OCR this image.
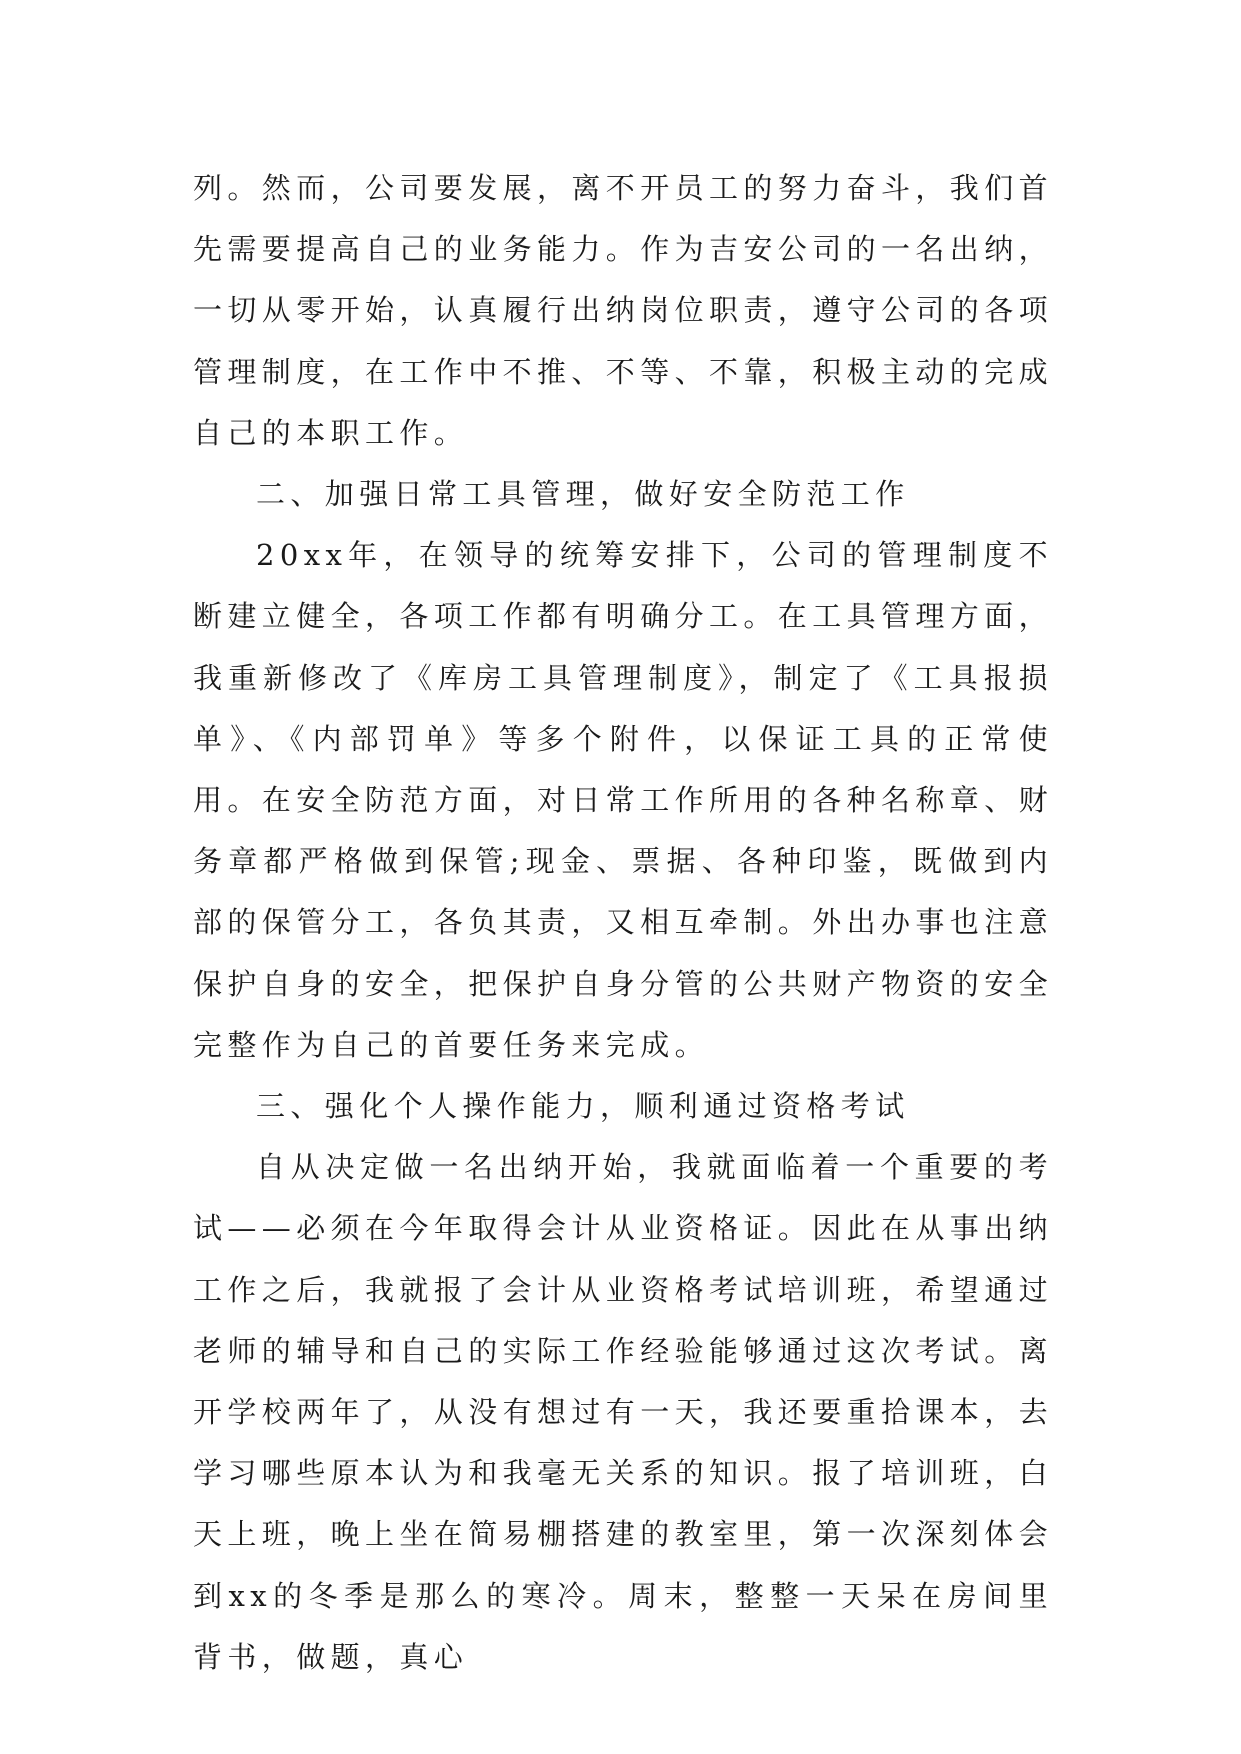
列。然而，公司要发展，离不开员工的努力奋斗，我们首先需要提高自己的业务能力。作为吉安公司的一名出纳，一切从零开始，认真履行出纳岗位职责，遵守公司的各项管理制度，在工作中不推、不等、不靠，积极主动的完成自己的本职工作。

二、加强日常工具管理，做好安全防范工作

20xx年，在领导的统筹安排下，公司的管理制度不断建立健全，各项工作都有明确分工。在工具管理方面，我重新修改了《库房工具管理制度》，制定了《工具报损单》、《内部罚单》等多个附件，以保证工具的正常使用。在安全防范方面，对日常工作所用的各种名称章、财务章都严格做到保管;现金、票据、各种印鉴，既做到内部的保管分工，各负其责，又相互牵制。外出办事也注意保护自身的安全，把保护自身分管的公共财产物资的安全完整作为自己的首要任务来完成。

三、强化个人操作能力，顺利通过资格考试

自从决定做一名出纳开始，我就面临着一个重要的考试——必须在今年取得会计从业资格证。因此在从事出纳工作之后，我就报了会计从业资格考试培训班，希望通过老师的辅导和自己的实际工作经验能够通过这次考试。离开学校两年了，从没有想过有一天，我还要重拾课本，去学习哪些原本认为和我毫无关系的知识。报了培训班，白天上班，晚上坐在简易棚搭建的教室里，第一次深刻体会到xx的冬季是那么的寒冷。周末，整整一天呆在房间里背书，做题，真心
